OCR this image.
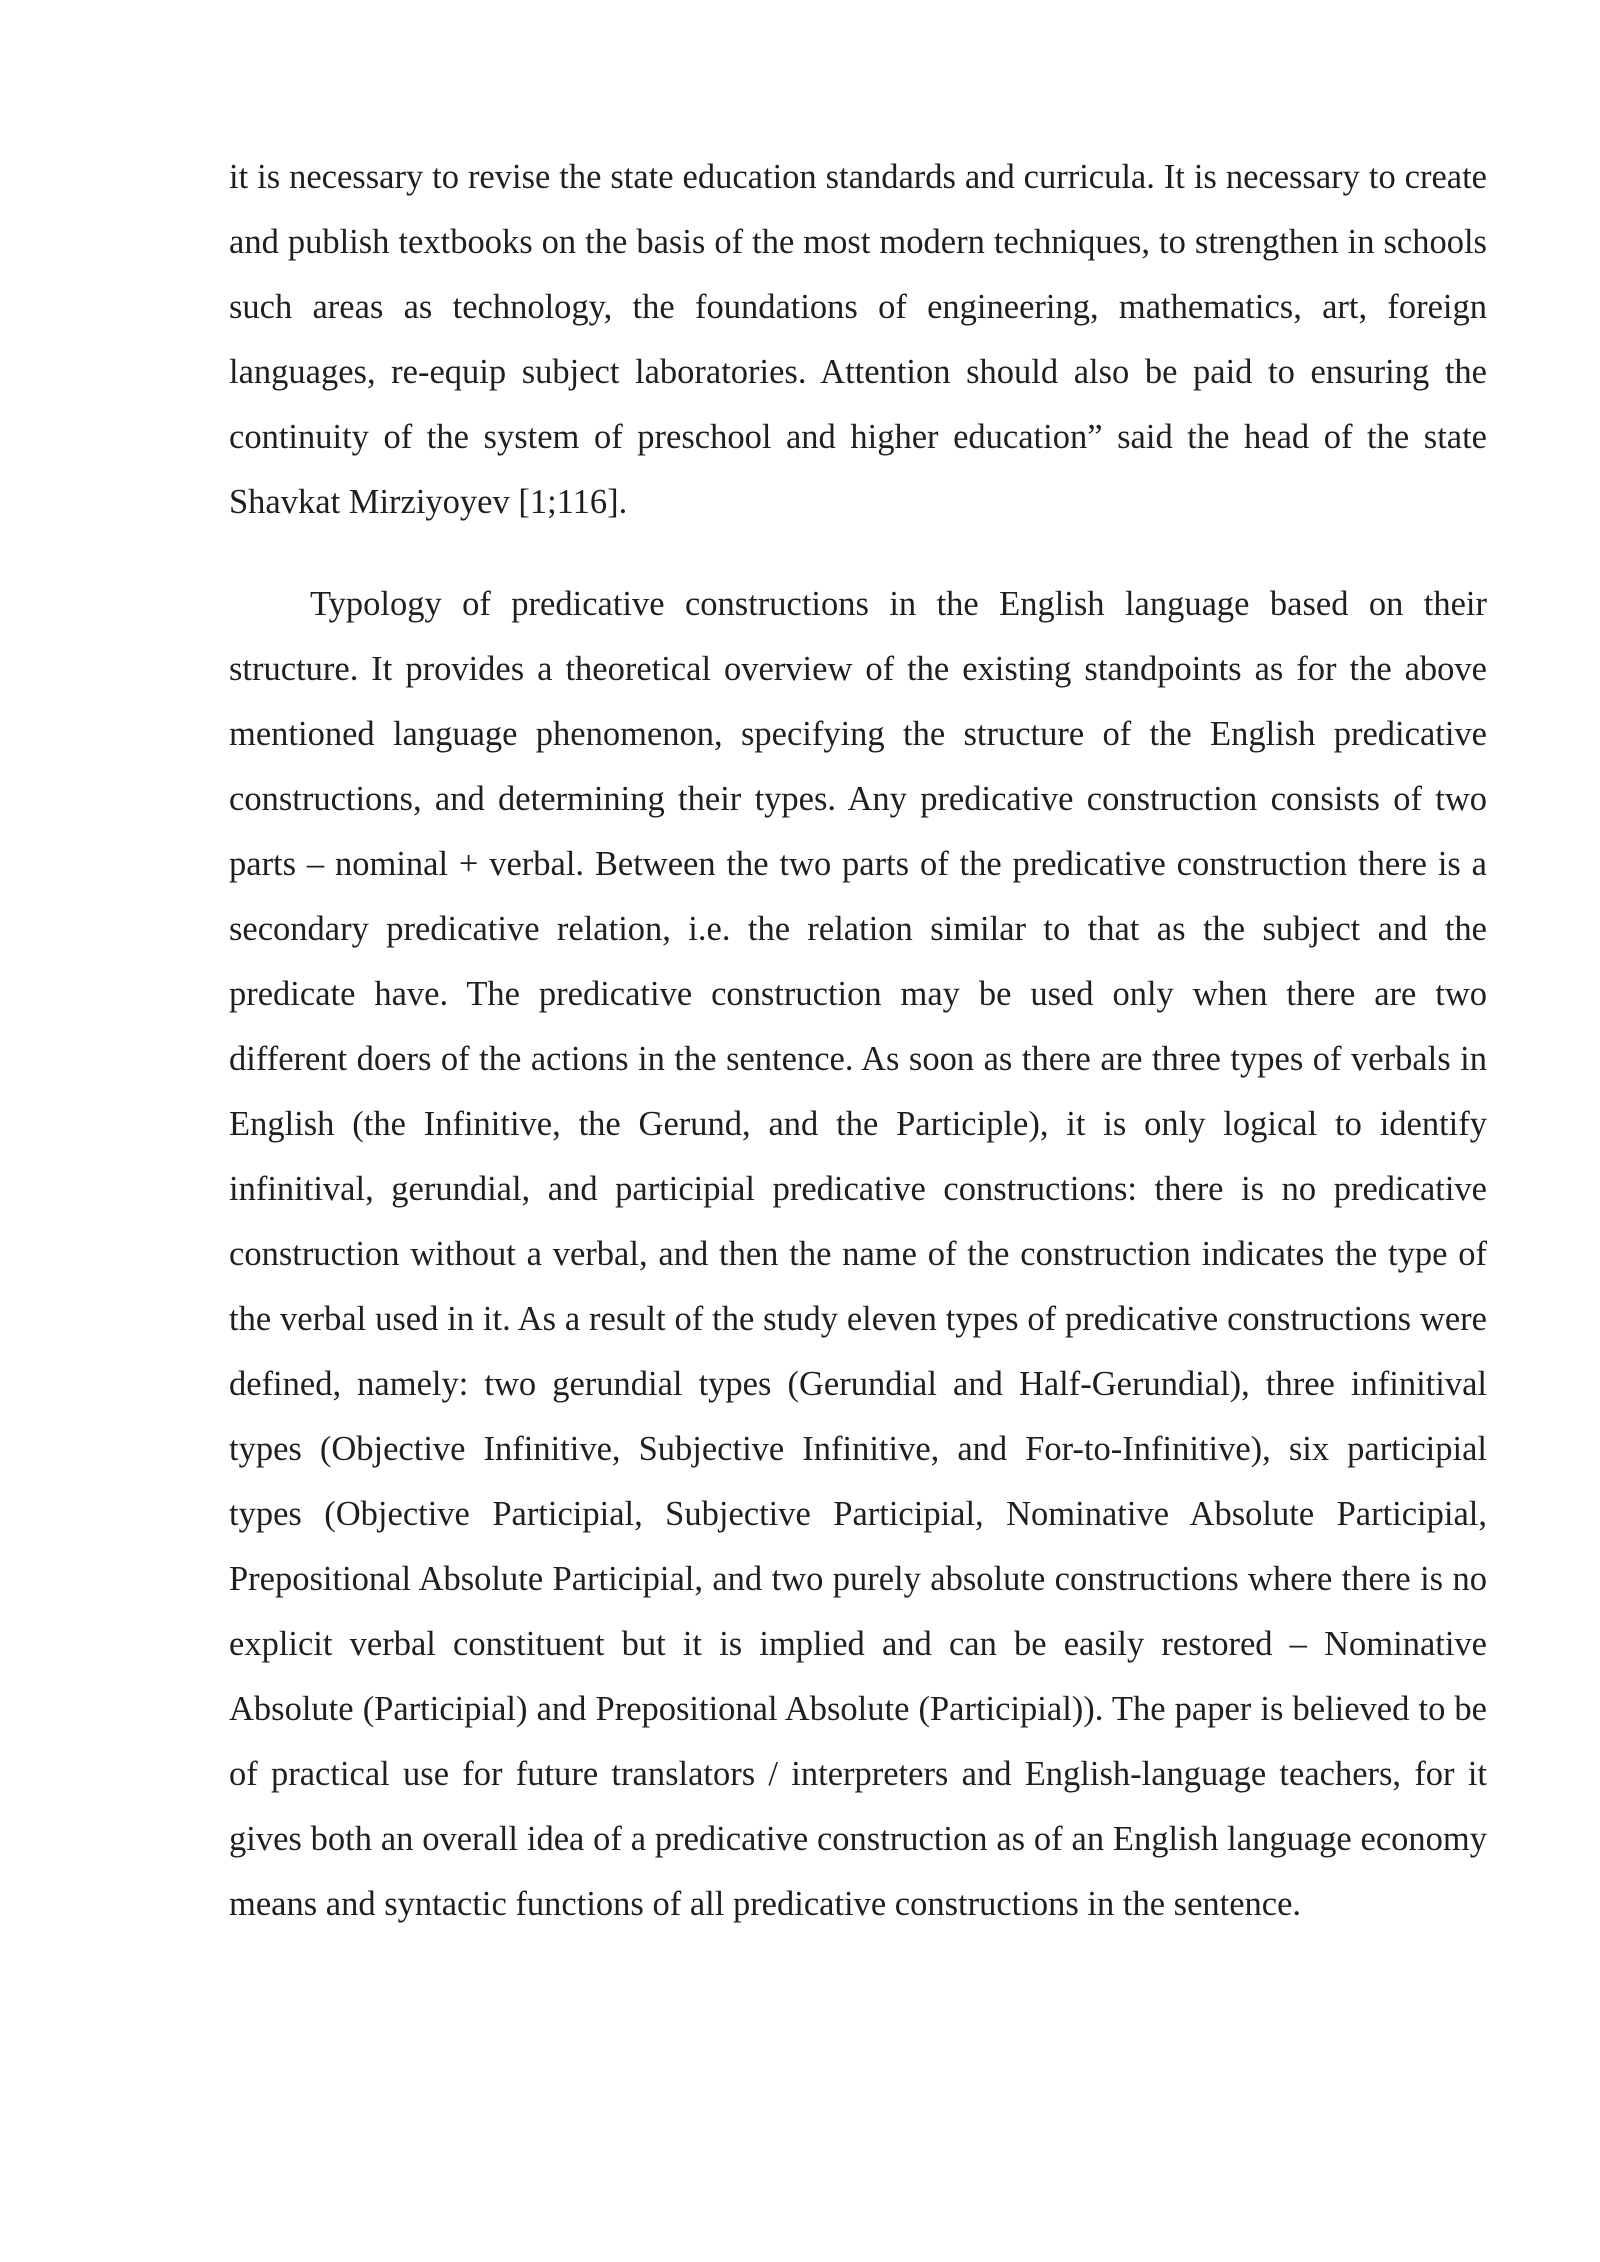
it is necessary to revise the state education standards and curricula. It is necessary to create and publish textbooks on the basis of the most modern techniques, to strengthen in schools such areas as technology, the foundations of engineering, mathematics, art, foreign languages, re-equip subject laboratories. Attention should also be paid to ensuring the continuity of the system of preschool and higher education” said the head of the state Shavkat Mirziyoyev [1;116].

Typology of predicative constructions in the English language based on their structure. It provides a theoretical overview of the existing standpoints as for the above mentioned language phenomenon, specifying the structure of the English predicative constructions, and determining their types. Any predicative construction consists of two parts – nominal + verbal. Between the two parts of the predicative construction there is a secondary predicative relation, i.e. the relation similar to that as the subject and the predicate have. The predicative construction may be used only when there are two different doers of the actions in the sentence. As soon as there are three types of verbals in English (the Infinitive, the Gerund, and the Participle), it is only logical to identify infinitival, gerundial, and participial predicative constructions: there is no predicative construction without a verbal, and then the name of the construction indicates the type of the verbal used in it. As a result of the study eleven types of predicative constructions were defined, namely: two gerundial types (Gerundial and Half-Gerundial), three infinitival types (Objective Infinitive, Subjective Infinitive, and For-to-Infinitive), six participial types (Objective Participial, Subjective Participial, Nominative Absolute Participial, Prepositional Absolute Participial, and two purely absolute constructions where there is no explicit verbal constituent but it is implied and can be easily restored – Nominative Absolute (Participial) and Prepositional Absolute (Participial)). The paper is believed to be of practical use for future translators / interpreters and English-language teachers, for it gives both an overall idea of a predicative construction as of an English language economy means and syntactic functions of all predicative constructions in the sentence.
